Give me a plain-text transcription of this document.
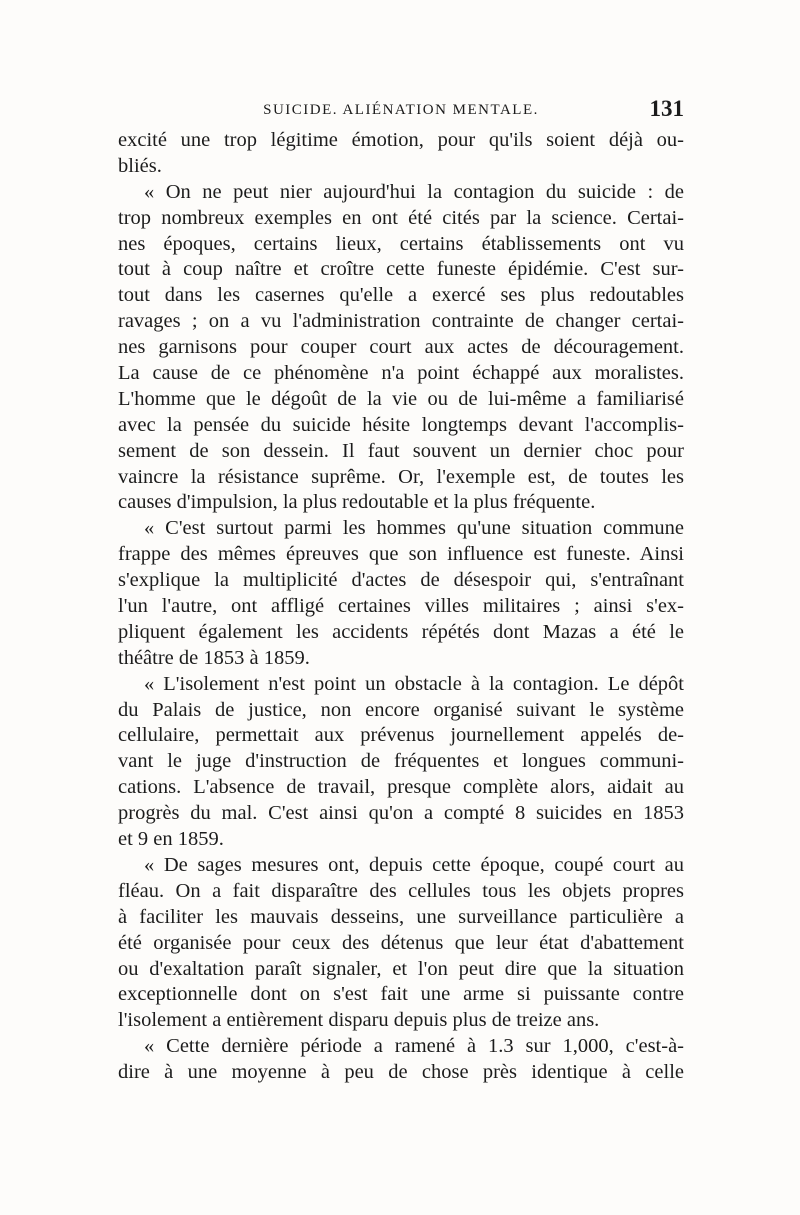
SUICIDE. ALIÉNATION MENTALE.	131
excité une trop légitime émotion, pour qu'ils soient déjà ou-
bliés.
« On ne peut nier aujourd'hui la contagion du suicide : de
trop nombreux exemples en ont été cités par la science. Certai-
nes époques, certains lieux, certains établissements ont vu
tout à coup naître et croître cette funeste épidémie. C'est sur-
tout dans les casernes qu'elle a exercé ses plus redoutables
ravages ; on a vu l'administration contrainte de changer certai-
nes garnisons pour couper court aux actes de découragement.
La cause de ce phénomène n'a point échappé aux moralistes.
L'homme que le dégoût de la vie ou de lui-même a familiarisé
avec la pensée du suicide hésite longtemps devant l'accomplis-
sement de son dessein. Il faut souvent un dernier choc pour
vaincre la résistance suprême. Or, l'exemple est, de toutes les
causes d'impulsion, la plus redoutable et la plus fréquente.
« C'est surtout parmi les hommes qu'une situation commune
frappe des mêmes épreuves que son influence est funeste. Ainsi
s'explique la multiplicité d'actes de désespoir qui, s'entraînant
l'un l'autre, ont affligé certaines villes militaires ; ainsi s'ex-
pliquent également les accidents répétés dont Mazas a été le
théâtre de 1853 à 1859.
« L'isolement n'est point un obstacle à la contagion. Le dépôt
du Palais de justice, non encore organisé suivant le système
cellulaire, permettait aux prévenus journellement appelés de-
vant le juge d'instruction de fréquentes et longues communi-
cations. L'absence de travail, presque complète alors, aidait au
progrès du mal. C'est ainsi qu'on a compté 8 suicides en 1853
et 9 en 1859.
« De sages mesures ont, depuis cette époque, coupé court au
fléau. On a fait disparaître des cellules tous les objets propres
à faciliter les mauvais desseins, une surveillance particulière a
été organisée pour ceux des détenus que leur état d'abattement
ou d'exaltation paraît signaler, et l'on peut dire que la situation
exceptionnelle dont on s'est fait une arme si puissante contre
l'isolement a entièrement disparu depuis plus de treize ans.
« Cette dernière période a ramené à 1.3 sur 1,000, c'est-à-
dire à une moyenne à peu de chose près identique à celle
